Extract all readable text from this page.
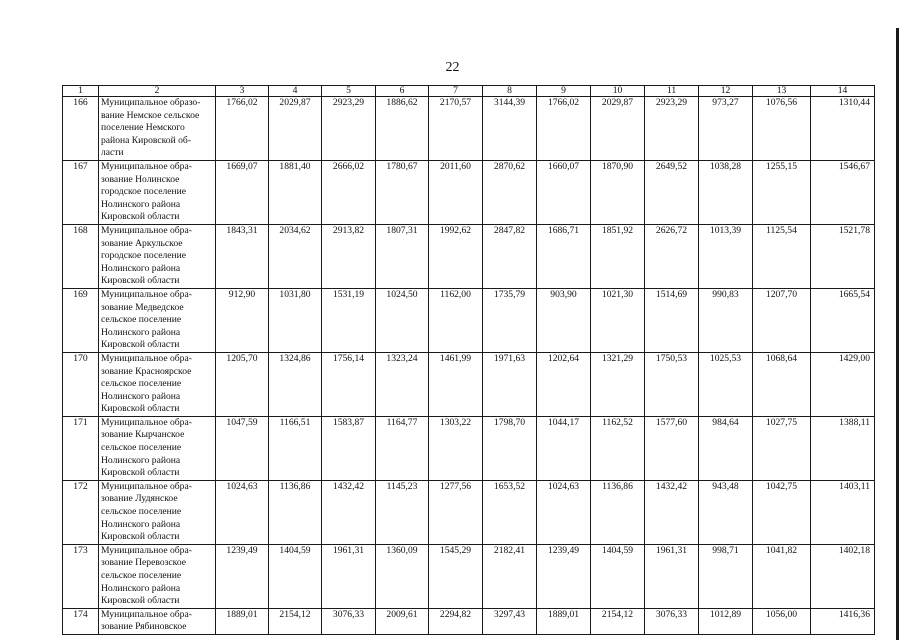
22
1	2	3	4	5	6	7	8	9	10	11	12	13	14
166	Муниципальное образо-
вание Немское сельское
поселение Немского
района Кировской об-
ласти	1766,02	2029,87	2923,29	1886,62	2170,57	3144,39	1766,02	2029,87	2923,29	973,27	1076,56	1310,44
167	Муниципальное обра-
зование Нолинское
городское поселение
Нолинского района
Кировской области	1669,07	1881,40	2666,02	1780,67	2011,60	2870,62	1660,07	1870,90	2649,52	1038,28	1255,15	1546,67
168	Муниципальное обра-
зование Аркульское
городское поселение
Нолинского района
Кировской области	1843,31	2034,62	2913,82	1807,31	1992,62	2847,82	1686,71	1851,92	2626,72	1013,39	1125,54	1521,78
169	Муниципальное обра-
зование Медведское
сельское поселение
Нолинского района
Кировской области	912,90	1031,80	1531,19	1024,50	1162,00	1735,79	903,90	1021,30	1514,69	990,83	1207,70	1665,54
170	Муниципальное обра-
зование Красноярское
сельское поселение
Нолинского района
Кировской области	1205,70	1324,86	1756,14	1323,24	1461,99	1971,63	1202,64	1321,29	1750,53	1025,53	1068,64	1429,00
171	Муниципальное обра-
зование Кырчанское
сельское поселение
Нолинского района
Кировской области	1047,59	1166,51	1583,87	1164,77	1303,22	1798,70	1044,17	1162,52	1577,60	984,64	1027,75	1388,11
172	Муниципальное обра-
зование Лудянское
сельское поселение
Нолинского района
Кировской области	1024,63	1136,86	1432,42	1145,23	1277,56	1653,52	1024,63	1136,86	1432,42	943,48	1042,75	1403,11
173	Муниципальное обра-
зование Перевозское
сельское поселение
Нолинского района
Кировской области	1239,49	1404,59	1961,31	1360,09	1545,29	2182,41	1239,49	1404,59	1961,31	998,71	1041,82	1402,18
174	Муниципальное обра-
зование Рябиновское	1889,01	2154,12	3076,33	2009,61	2294,82	3297,43	1889,01	2154,12	3076,33	1012,89	1056,00	1416,36
